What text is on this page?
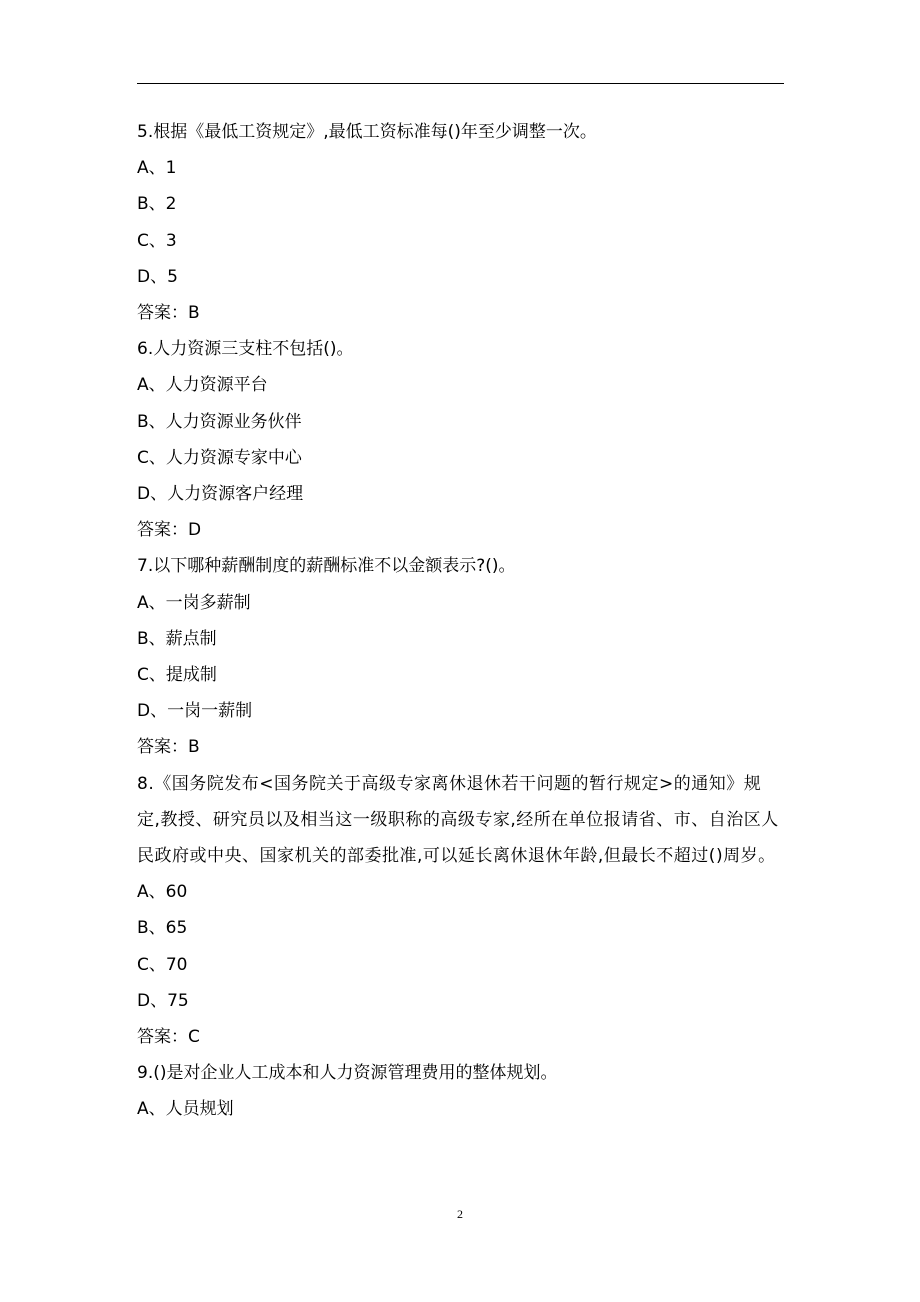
5.根据《最低工资规定》,最低工资标准每()年至少调整一次。

A、1

B、2

C、3

D、5

答案：B

6.人力资源三支柱不包括()。

A、人力资源平台

B、人力资源业务伙伴

C、人力资源专家中心

D、人力资源客户经理

答案：D

7.以下哪种薪酬制度的薪酬标准不以金额表示?()。

A、一岗多薪制

B、薪点制

C、提成制

D、一岗一薪制

答案：B

8.《国务院发布<国务院关于高级专家离休退休若干问题的暂行规定>的通知》规定,教授、研究员以及相当这一级职称的高级专家,经所在单位报请省、市、自治区人民政府或中央、国家机关的部委批准,可以延长离休退休年龄,但最长不超过()周岁。

A、60

B、65

C、70

D、75

答案：C

9.()是对企业人工成本和人力资源管理费用的整体规划。

A、人员规划

2
